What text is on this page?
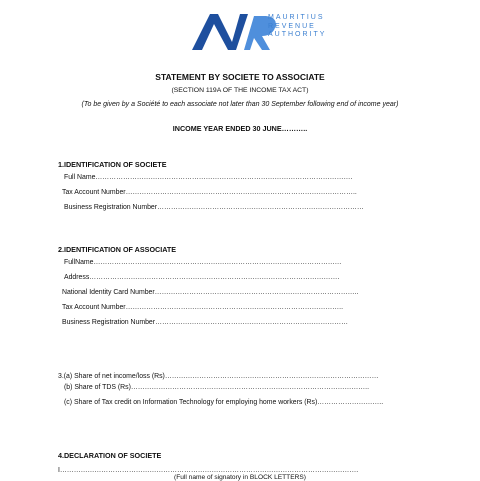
MAURITIUS
REVENUE
AUTHORITY
STATEMENT BY SOCIETE TO ASSOCIATE
(SECTION 119A OF THE INCOME TAX ACT)
(To be given by a Société to each associate not later than 30 September following end of income year)
INCOME YEAR ENDED 30 JUNE………..
1.IDENTIFICATION OF SOCIETE
Full Name………………………………………………………………………………………………….
Tax Account Number………………………………………………………………………………………..
Business Registration Number………………………………………………………………………………
2.IDENTIFICATION OF ASSOCIATE
FullName………………………………………………………………………………………………
Address……………………………………………………………………………………………….
National Identity Card Number……………………………………………………………………………..
Tax Account Number…………………………………………………………………………………..
Business Registration Number…………………………………………………………………………
3.(a) Share of net income/loss (Rs)…………………………………………………………………………………
(b) Share of TDS (Rs)…………………………………………………………………………………………..
(c) Share of Tax credit on Information Technology for employing home workers (Rs)………………………..
4.DECLARATION OF SOCIETE
I………………………………………………………………………………………………………………….
(Full name of signatory in BLOCK LETTERS)
